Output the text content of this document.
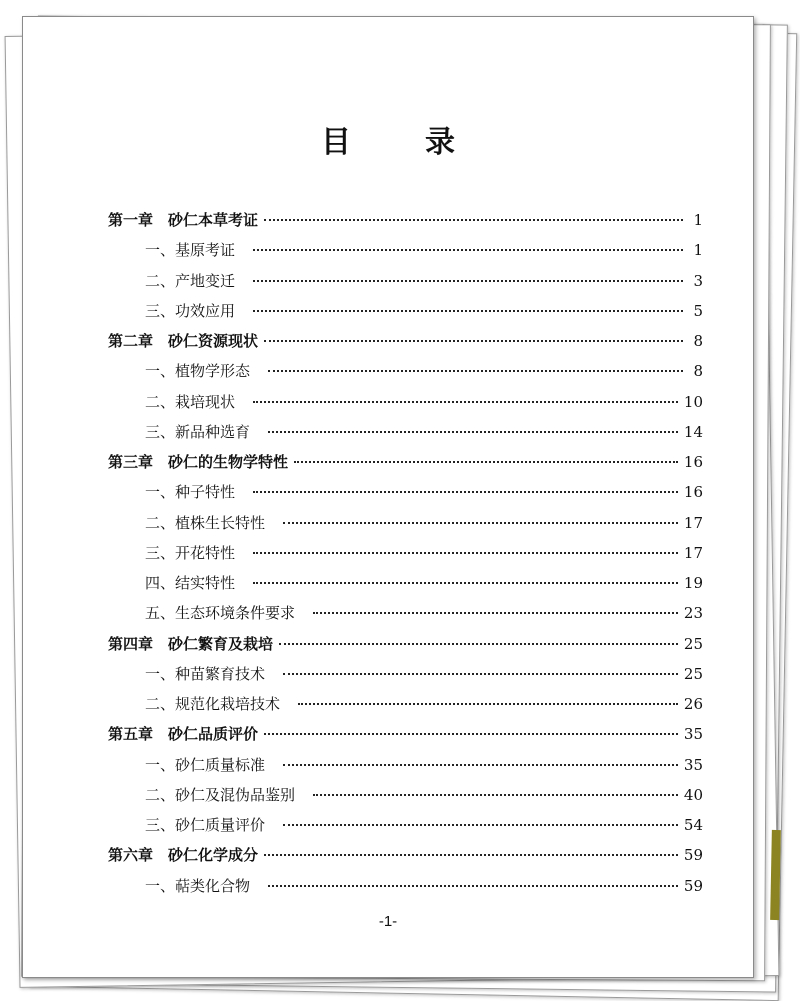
目　录
第一章　砂仁本草考证	1
一、基原考证	1
二、产地变迁	3
三、功效应用	5
第二章　砂仁资源现状	8
一、植物学形态	8
二、栽培现状	10
三、新品种选育	14
第三章　砂仁的生物学特性	16
一、种子特性	16
二、植株生长特性	17
三、开花特性	17
四、结实特性	19
五、生态环境条件要求	23
第四章　砂仁繁育及栽培	25
一、种苗繁育技术	25
二、规范化栽培技术	26
第五章　砂仁品质评价	35
一、砂仁质量标准	35
二、砂仁及混伪品鉴别	40
三、砂仁质量评价	54
第六章　砂仁化学成分	59
一、萜类化合物	59
-1-
